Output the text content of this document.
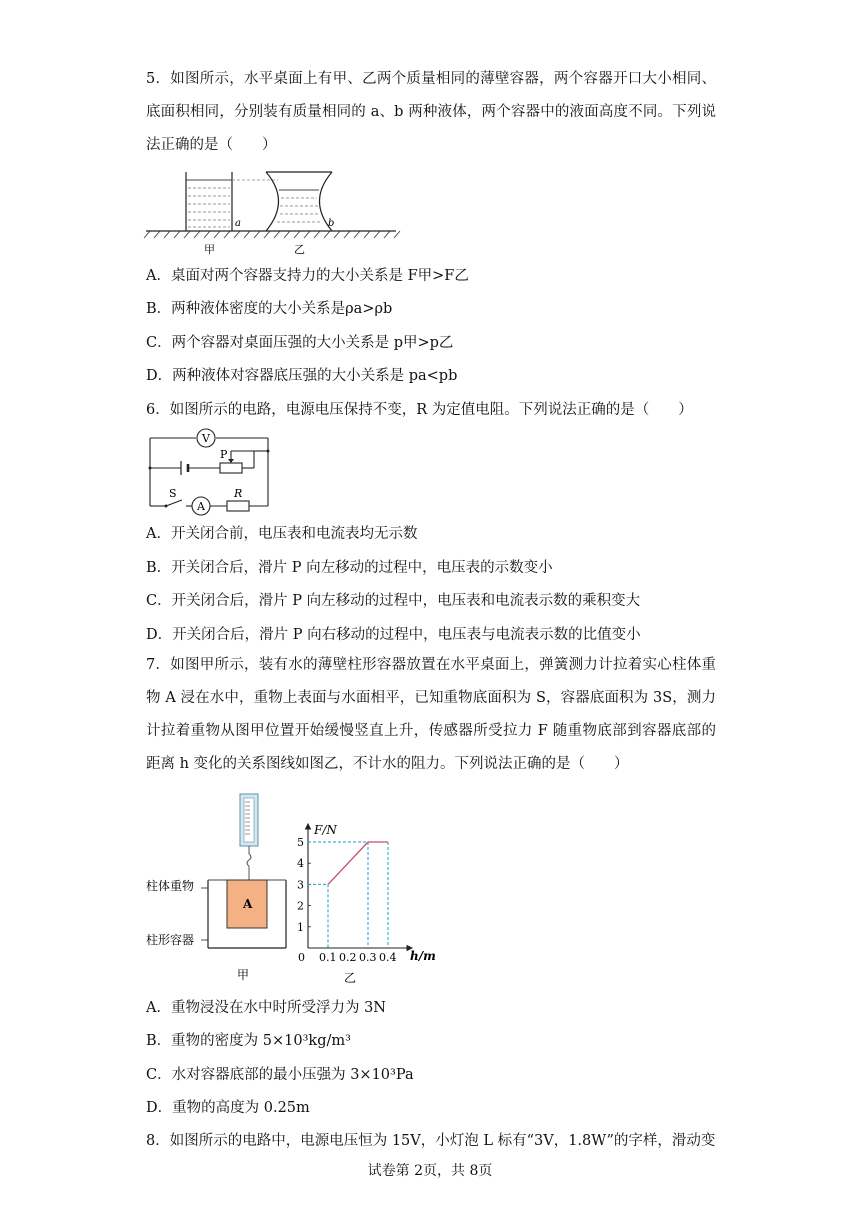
5．如图所示，水平桌面上有甲、乙两个质量相同的薄壁容器，两个容器开口大小相同、底面积相同，分别装有质量相同的 a、b 两种液体，两个容器中的液面高度不同。下列说法正确的是（　　）
a	b
甲	乙
A．桌面对两个容器支持力的大小关系是 F甲>F乙
B．两种液体密度的大小关系是ρa>ρb
C．两个容器对桌面压强的大小关系是 p甲>p乙
D．两种液体对容器底压强的大小关系是 pa<pb
6．如图所示的电路，电源电压保持不变，R 为定值电阻。下列说法正确的是（　　）
V
P
S
A
R
A．开关闭合前，电压表和电流表均无示数
B．开关闭合后，滑片 P 向左移动的过程中，电压表的示数变小
C．开关闭合后，滑片 P 向左移动的过程中，电压表和电流表示数的乘积变大
D．开关闭合后，滑片 P 向右移动的过程中，电压表与电流表示数的比值变小
7．如图甲所示，装有水的薄壁柱形容器放置在水平桌面上，弹簧测力计拉着实心柱体重物 A 浸在水中，重物上表面与水面相平，已知重物底面积为 S，容器底面积为 3S，测力计拉着重物从图甲位置开始缓慢竖直上升，传感器所受拉力 F 随重物底部到容器底部的距离 h 变化的关系图线如图乙，不计水的阻力。下列说法正确的是（　　）
A
柱体重物
柱形容器
甲
F/N
h/m
0
1
2
3
4
5
0.1 0.2 0.3 0.4
乙
A．重物浸没在水中时所受浮力为 3N
B．重物的密度为 5×10³kg/m³
C．水对容器底部的最小压强为 3×10³Pa
D．重物的高度为 0.25m
8．如图所示的电路中，电源电压恒为 15V，小灯泡 L 标有“3V，1.8W”的字样，滑动变
试卷第 2页，共 8页
